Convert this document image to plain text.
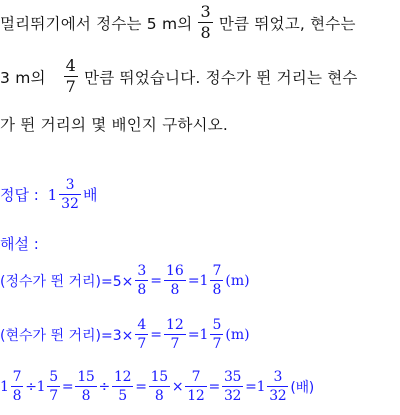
멀리뛰기에서 정수는 5 m의 $\frac{3}{8}$ 만큼 뛰었고, 현수는
3 m의 $\frac{4}{7}$ 만큼 뛰었습니다. 정수가 뛴 거리는 현수
가 뛴 거리의 몇 배인지 구하시오.
정답 : $1 \frac{3}{32}$ 배
해설 :
(정수가 뛴 거리)$=5\times \frac{3}{8} = \frac{16}{8} =1 \frac{7}{8} (m)$
(현수가 뛴 거리)$=3\times \frac{4}{7} = \frac{12}{7} =1 \frac{5}{7} (m)$
$1 \frac{7}{8} \div 1 \frac{5}{7} = \frac{15}{8} \div \frac{12}{5} = \frac{15}{8} \times \frac{7}{12} = \frac{35}{32} =1 \frac{3}{32}$ (배)
